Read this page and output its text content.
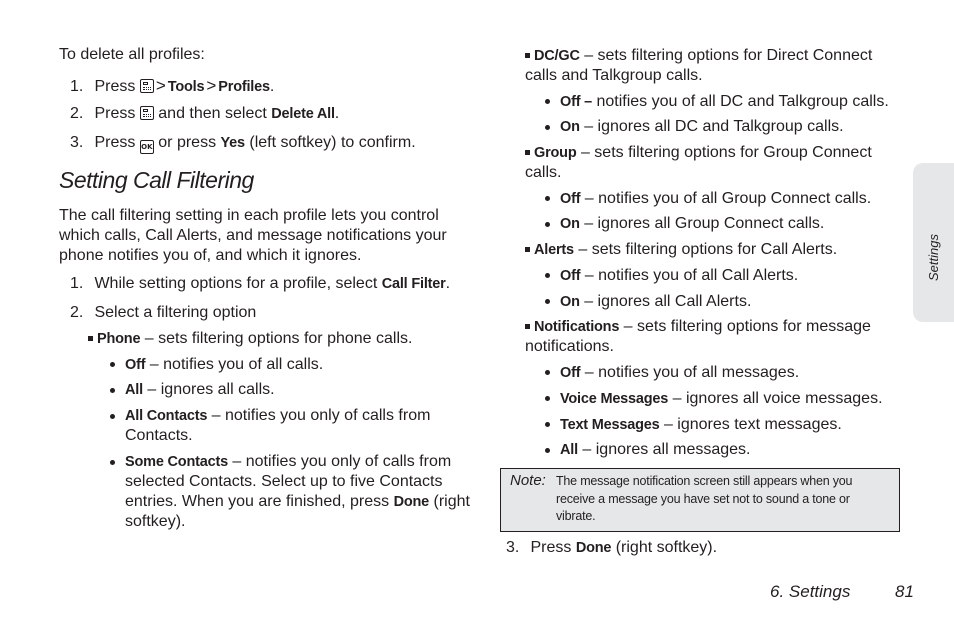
To delete all profiles:
1. Press > Tools > Profiles.
2. Press and then select Delete All.
3. Press OK or press Yes (left softkey) to confirm.
Setting Call Filtering
The call filtering setting in each profile lets you control which calls, Call Alerts, and message notifications your phone notifies you of, and which it ignores.
1. While setting options for a profile, select Call Filter.
2. Select a filtering option
Phone – sets filtering options for phone calls.
Off – notifies you of all calls.
All – ignores all calls.
All Contacts – notifies you only of calls from Contacts.
Some Contacts – notifies you only of calls from selected Contacts. Select up to five Contacts entries. When you are finished, press Done (right softkey).
DC/GC – sets filtering options for Direct Connect calls and Talkgroup calls.
Off – notifies you of all DC and Talkgroup calls.
On – ignores all DC and Talkgroup calls.
Group – sets filtering options for Group Connect calls.
Off – notifies you of all Group Connect calls.
On – ignores all Group Connect calls.
Alerts – sets filtering options for Call Alerts.
Off – notifies you of all Call Alerts.
On – ignores all Call Alerts.
Notifications – sets filtering options for message notifications.
Off – notifies you of all messages.
Voice Messages – ignores all voice messages.
Text Messages – ignores text messages.
All – ignores all messages.
Note: The message notification screen still appears when you receive a message you have set not to sound a tone or vibrate.
3. Press Done (right softkey).
Settings
6. Settings	81
